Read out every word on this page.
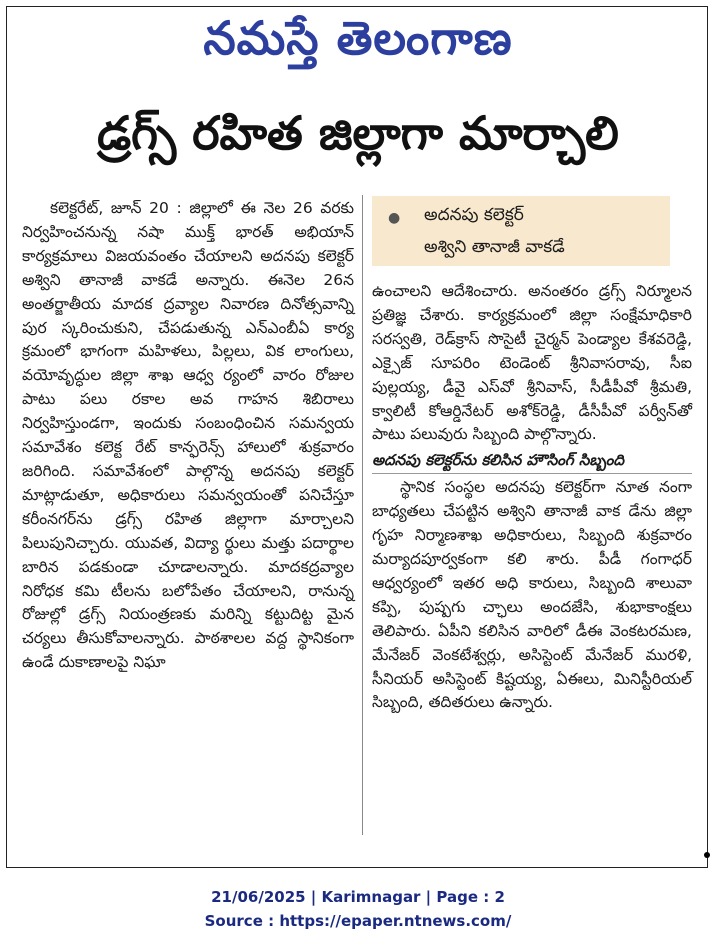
నమస్తే తెలంగాణ
డ్రగ్స్ రహిత జిల్లాగా మార్చాలి

కలెక్టరేట్, జూన్ 20 : జిల్లాలో ఈ నెల 26 వరకు నిర్వహించనున్న నషా ముక్త్ భారత్ అభియాన్ కార్యక్రమాలు విజయవంతం చేయాలని అదనపు కలెక్టర్ అశ్విని తానాజీ వాకడే అన్నారు. ఈనెల 26న అంతర్జాతీయ మాదక ద్రవ్యాల నివారణ దినోత్సవాన్ని పుర స్కరించుకుని, చేపడుతున్న ఎన్ఎంబీఏ కార్య క్రమంలో భాగంగా మహిళలు, పిల్లలు, విక లాంగులు, వయోవృద్ధుల జిల్లా శాఖ ఆధ్వ ర్యంలో వారం రోజుల పాటు పలు రకాల అవ గాహన శిబిరాలు నిర్వహిస్తుండగా, ఇందుకు సంబంధించిన సమన్వయ సమావేశం కలెక్ట రేట్ కాన్ఫరెన్స్ హాలులో శుక్రవారం జరిగింది. సమావేశంలో పాల్గొన్న అదనపు కలెక్టర్ మాట్లాడుతూ, అధికారులు సమన్వయంతో పనిచేస్తూ కరీంనగర్‌ను డ్రగ్స్ రహిత జిల్లాగా మార్చాలని పిలుపునిచ్చారు. యువత, విద్యా ర్థులు మత్తు పదార్థాల బారిన పడకుండా చూడాలన్నారు. మాదకద్రవ్యాల నిరోధక కమి టీలను బలోపేతం చేయాలని, రానున్న రోజుల్లో డ్రగ్స్ నియంత్రణకు మరిన్ని కట్టుదిట్ట మైన చర్యలు తీసుకోవాలన్నారు. పాఠశాలల వద్ద స్థానికంగా ఉండే దుకాణాలపై నిఘా

● అదనపు కలెక్టర్
అశ్విని తానాజీ వాకడే

ఉంచాలని ఆదేశించారు. అనంతరం డ్రగ్స్ నిర్మూలన ప్రతిజ్ఞ చేశారు. కార్యక్రమంలో జిల్లా సంక్షేమాధికారి సరస్వతి, రెడ్‌క్రాస్ సొసైటీ చైర్మన్ పెండ్యాల కేశవరెడ్డి, ఎక్సైజ్ సూపరిం టెండెంట్ శ్రీనివాసరావు, సీఐ పుల్లయ్య, డీవై ఎస్‌వో శ్రీనివాస్, సీడీపీవో శ్రీమతి, క్వాలిటీ కోఆర్డినేటర్ అశోక్‌రెడ్డి, డీసీపీవో పర్వీన్‌తో పాటు పలువురు సిబ్బంది పాల్గొన్నారు.

అదనపు కలెక్టర్‌ను కలిసిన హౌసింగ్ సిబ్బంది

స్థానిక సంస్థల అదనపు కలెక్టర్‌గా నూత నంగా బాధ్యతలు చేపట్టిన అశ్విని తానాజీ వాక డేను జిల్లా గృహ నిర్మాణశాఖ అధికారులు, సిబ్బంది శుక్రవారం మర్యాదపూర్వకంగా కలి శారు. పీడీ గంగాధర్ ఆధ్వర్యంలో ఇతర అధి కారులు, సిబ్బంది శాలువా కప్పి, పుష్పగు చ్ఛాలు అందజేసి, శుభాకాంక్షలు తెలిపారు. ఏపీని కలిసిన వారిలో డీఈ వెంకటరమణ, మేనేజర్ వెంకటేశ్వర్లు, అసిస్టెంట్ మేనేజర్ మురళి, సీనియర్ అసిస్టెంట్ కిష్టయ్య, ఏఈలు, మినిస్టీరియల్ సిబ్బంది, తదితరులు ఉన్నారు.

21/06/2025 | Karimnagar | Page : 2
Source : https://epaper.ntnews.com/
